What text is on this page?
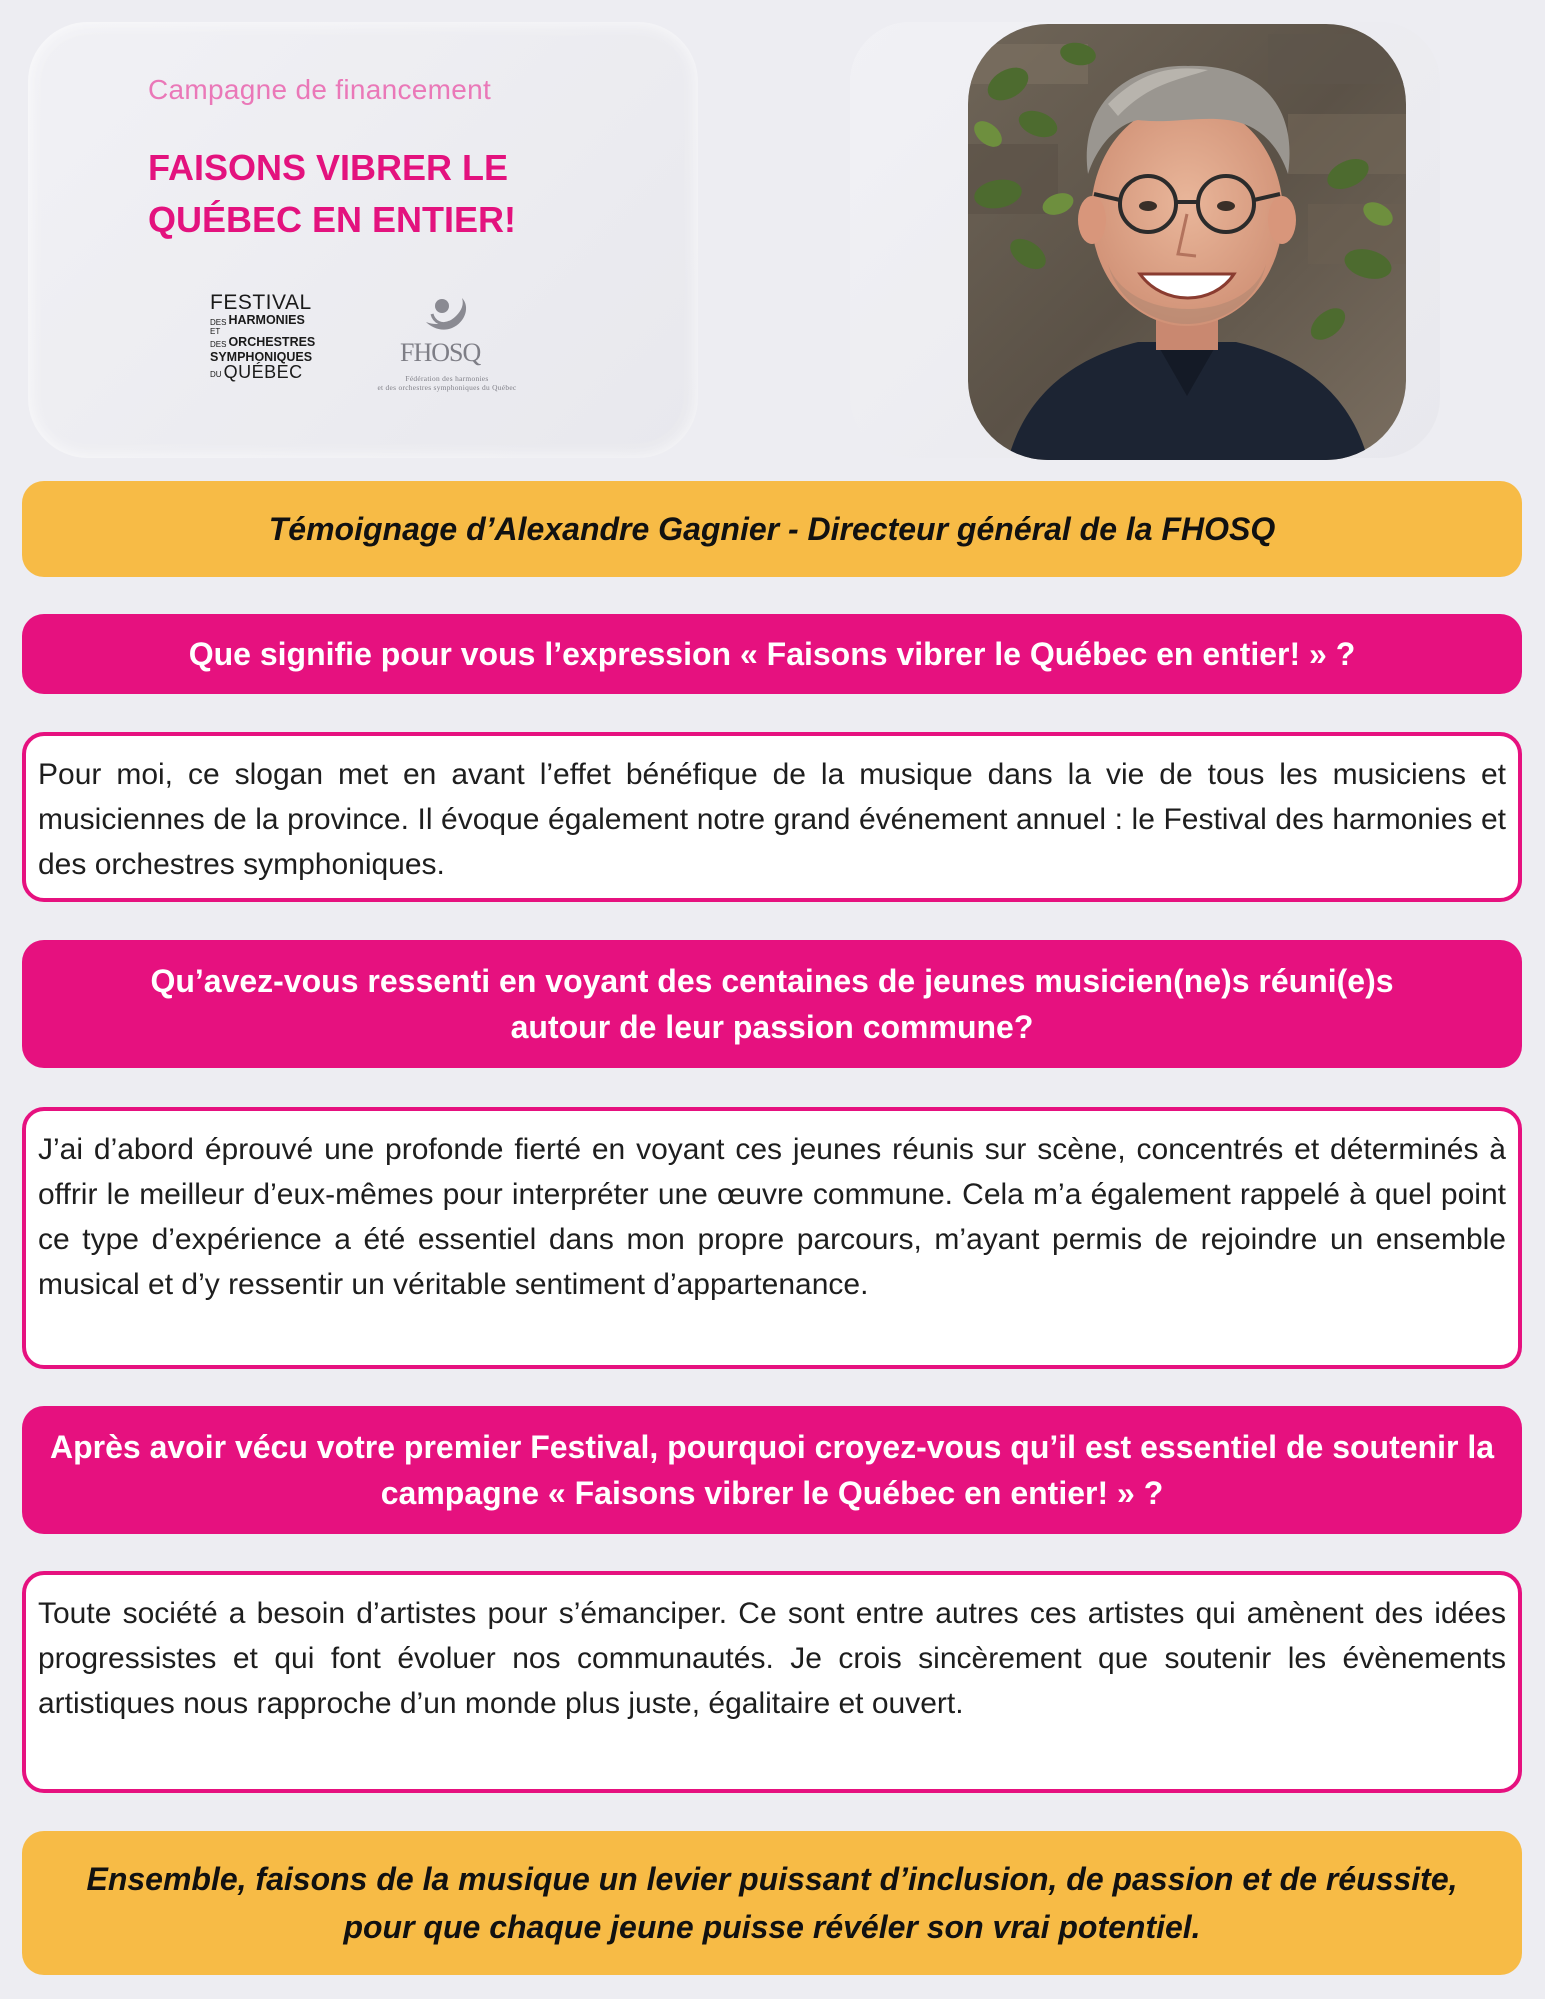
Campagne de financement
FAISONS VIBRER LE QUÉBEC EN ENTIER!
FESTIVAL
DES HARMONIES
ET
DES ORCHESTRES
SYMPHONIQUES
DU QUÉBEC
FHOSQ
Fédération des harmonies
et des orchestres symphoniques du Québec
Témoignage d’Alexandre Gagnier - Directeur général de la FHOSQ
Que signifie pour vous l’expression « Faisons vibrer le Québec en entier! » ?

Pour moi, ce slogan met en avant l’effet bénéfique de la musique dans la vie de tous les musiciens et musiciennes de la province. Il évoque également notre grand événement annuel : le Festival des harmonies et des orchestres symphoniques.

Qu’avez-vous ressenti en voyant des centaines de jeunes musicien(ne)s réuni(e)s autour de leur passion commune?

J’ai d’abord éprouvé une profonde fierté en voyant ces jeunes réunis sur scène, concentrés et déterminés à offrir le meilleur d’eux-mêmes pour interpréter une œuvre commune. Cela m’a également rappelé à quel point ce type d’expérience a été essentiel dans mon propre parcours, m’ayant permis de rejoindre un ensemble musical et d’y ressentir un véritable sentiment d’appartenance.

Après avoir vécu votre premier Festival, pourquoi croyez-vous qu’il est essentiel de soutenir la campagne « Faisons vibrer le Québec en entier! » ?

Toute société a besoin d’artistes pour s’émanciper. Ce sont entre autres ces artistes qui amènent des idées progressistes et qui font évoluer nos communautés. Je crois sincèrement que soutenir les évènements artistiques nous rapproche d’un monde plus juste, égalitaire et ouvert.

Ensemble, faisons de la musique un levier puissant d’inclusion, de passion et de réussite, pour que chaque jeune puisse révéler son vrai potentiel.
